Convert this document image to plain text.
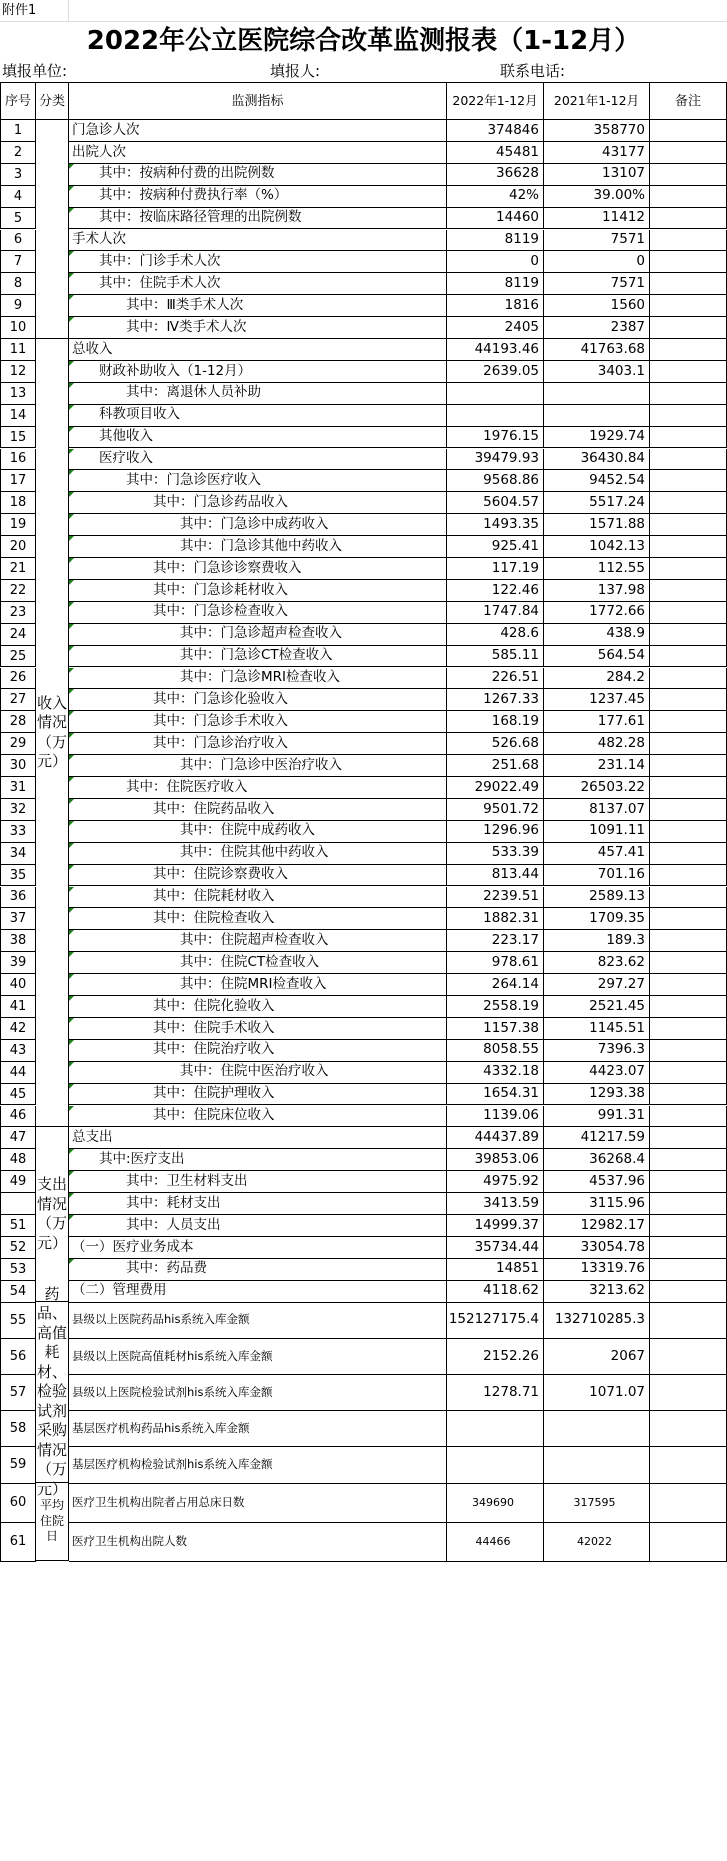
附件1
2022年公立医院综合改革监测报表（1-12月）
填报单位:	填报人:	联系电话:
序号 分类	监测指标	2022年1-12月	2021年1-12月	备注
1	门急诊人次	374846	358770
2	出院人次	45481	43177
3	其中：按病种付费的出院例数	36628	13107
4	其中：按病种付费执行率（%）	42%	39.00%
5	其中：按临床路径管理的出院例数	14460	11412
6	手术人次	8119	7571
7	其中：门诊手术人次	0	0
8	其中：住院手术人次	8119	7571
9	其中：Ⅲ类手术人次	1816	1560
10	其中：Ⅳ类手术人次	2405	2387
11	总收入	44193.46	41763.68
12	财政补助收入（1-12月）	2639.05	3403.1
13	其中：离退休人员补助
14	科教项目收入
15	其他收入	1976.15	1929.74
16	医疗收入	39479.93	36430.84
17	其中：门急诊医疗收入	9568.86	9452.54
18	其中：门急诊药品收入	5604.57	5517.24
19	其中：门急诊中成药收入	1493.35	1571.88
20	其中：门急诊其他中药收入	925.41	1042.13
21	其中：门急诊诊察费收入	117.19	112.55
22	其中：门急诊耗材收入	122.46	137.98
23	其中：门急诊检查收入	1747.84	1772.66
24	其中：门急诊超声检查收入	428.6	438.9
25	其中：门急诊CT检查收入	585.11	564.54
26	其中：门急诊MRI检查收入	226.51	284.2
27	其中：门急诊化验收入	1267.33	1237.45
28	其中：门急诊手术收入	168.19	177.61
29	其中：门急诊治疗收入	526.68	482.28
30	其中：门急诊中医治疗收入	251.68	231.14
31	其中：住院医疗收入	29022.49	26503.22
32	其中：住院药品收入	9501.72	8137.07
33	其中：住院中成药收入	1296.96	1091.11
34	其中：住院其他中药收入	533.39	457.41
35	其中：住院诊察费收入	813.44	701.16
36	其中：住院耗材收入	2239.51	2589.13
37	其中：住院检查收入	1882.31	1709.35
38	其中：住院超声检查收入	223.17	189.3
39	其中：住院CT检查收入	978.61	823.62
40	其中：住院MRI检查收入	264.14	297.27
41	其中：住院化验收入	2558.19	2521.45
42	其中：住院手术收入	1157.38	1145.51
43	其中：住院治疗收入	8058.55	7396.3
44	其中：住院中医治疗收入	4332.18	4423.07
45	其中：住院护理收入	1654.31	1293.38
46	其中：住院床位收入	1139.06	991.31
47	总支出	44437.89	41217.59
48	其中:医疗支出	39853.06	36268.4
49	其中：卫生材料支出	4975.92	4537.96
其中：耗材支出	3413.59	3115.96
51	其中：人员支出	14999.37	12982.17
52	（一）医疗业务成本	35734.44	33054.78
53	其中：药品费	14851	13319.76
54	（二）管理费用	4118.62	3213.62
55	县级以上医院药品his系统入库金额	152127175.4	132710285.3
56	县级以上医院高值耗材his系统入库金额	2152.26	2067
57	县级以上医院检验试剂his系统入库金额	1278.71	1071.07
58	基层医疗机构药品his系统入库金额
59	基层医疗机构检验试剂his系统入库金额
60	医疗卫生机构出院者占用总床日数	349690	317595
61	医疗卫生机构出院人数	44466	42022
收入情况（万元）
支出情况（万元）
药品、高值耗材、检验试剂采购情况（万元）
平均住院日
